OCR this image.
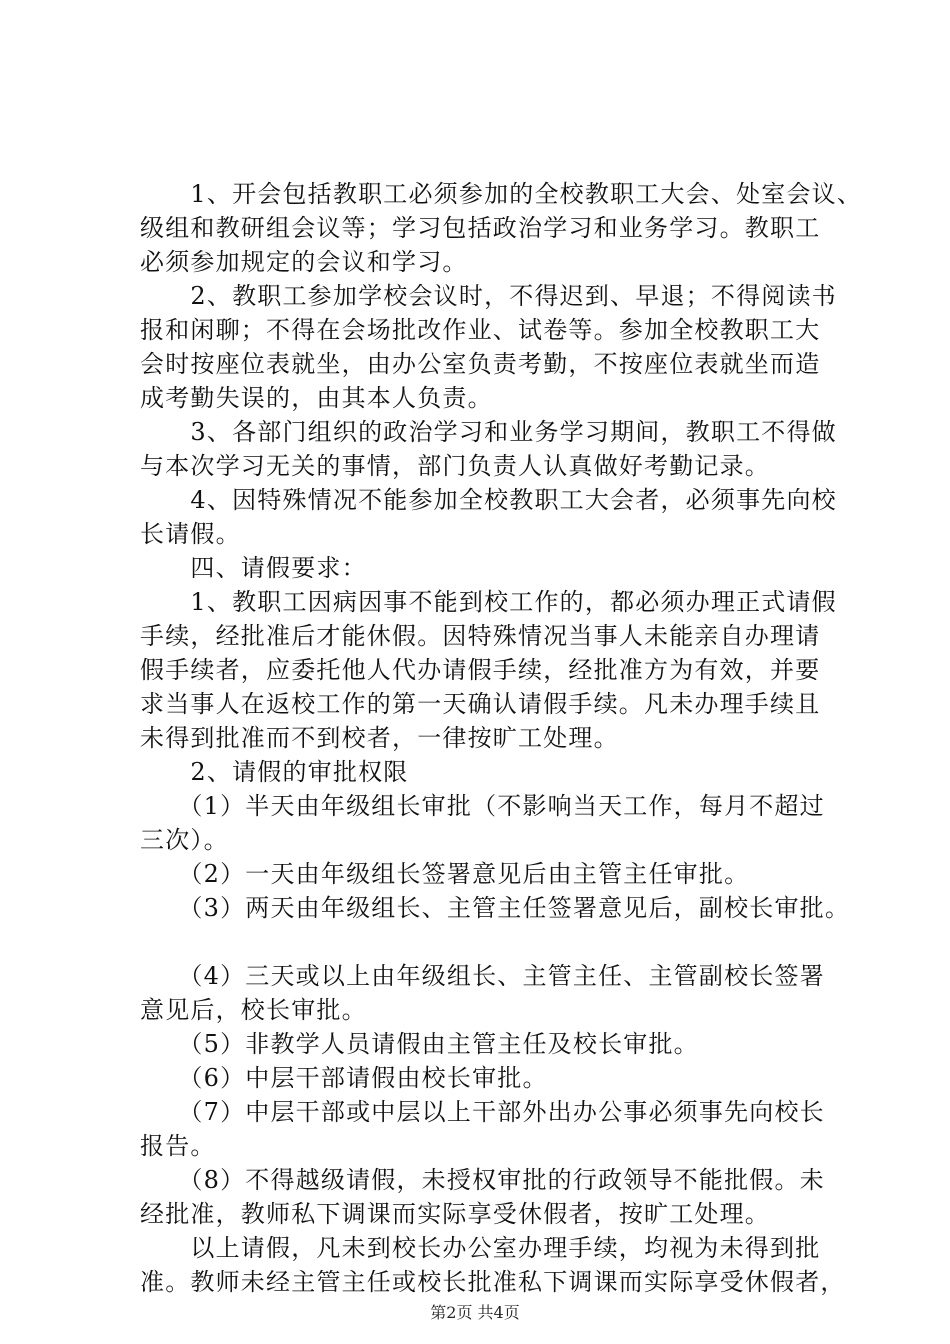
　　1、开会包括教职工必须参加的全校教职工大会、处室会议、
级组和教研组会议等；学习包括政治学习和业务学习。教职工
必须参加规定的会议和学习。
　　2、教职工参加学校会议时，不得迟到、早退；不得阅读书
报和闲聊；不得在会场批改作业、试卷等。参加全校教职工大
会时按座位表就坐，由办公室负责考勤，不按座位表就坐而造
成考勤失误的，由其本人负责。
　　3、各部门组织的政治学习和业务学习期间，教职工不得做
与本次学习无关的事情，部门负责人认真做好考勤记录。
　　4、因特殊情况不能参加全校教职工大会者，必须事先向校
长请假。
　　四、请假要求：
　　1、教职工因病因事不能到校工作的，都必须办理正式请假
手续，经批准后才能休假。因特殊情况当事人未能亲自办理请
假手续者，应委托他人代办请假手续，经批准方为有效，并要
求当事人在返校工作的第一天确认请假手续。凡未办理手续且
未得到批准而不到校者，一律按旷工处理。
　　2、请假的审批权限
　　（1）半天由年级组长审批（不影响当天工作，每月不超过
三次）。
　　（2）一天由年级组长签署意见后由主管主任审批。
　　（3）两天由年级组长、主管主任签署意见后，副校长审批。
　　（4）三天或以上由年级组长、主管主任、主管副校长签署
意见后，校长审批。
　　（5）非教学人员请假由主管主任及校长审批。
　　（6）中层干部请假由校长审批。
　　（7）中层干部或中层以上干部外出办公事必须事先向校长
报告。
　　（8）不得越级请假，未授权审批的行政领导不能批假。未
经批准，教师私下调课而实际享受休假者，按旷工处理。
　　以上请假，凡未到校长办公室办理手续，均视为未得到批
准。教师未经主管主任或校长批准私下调课而实际享受休假者，
第2页 共4页
